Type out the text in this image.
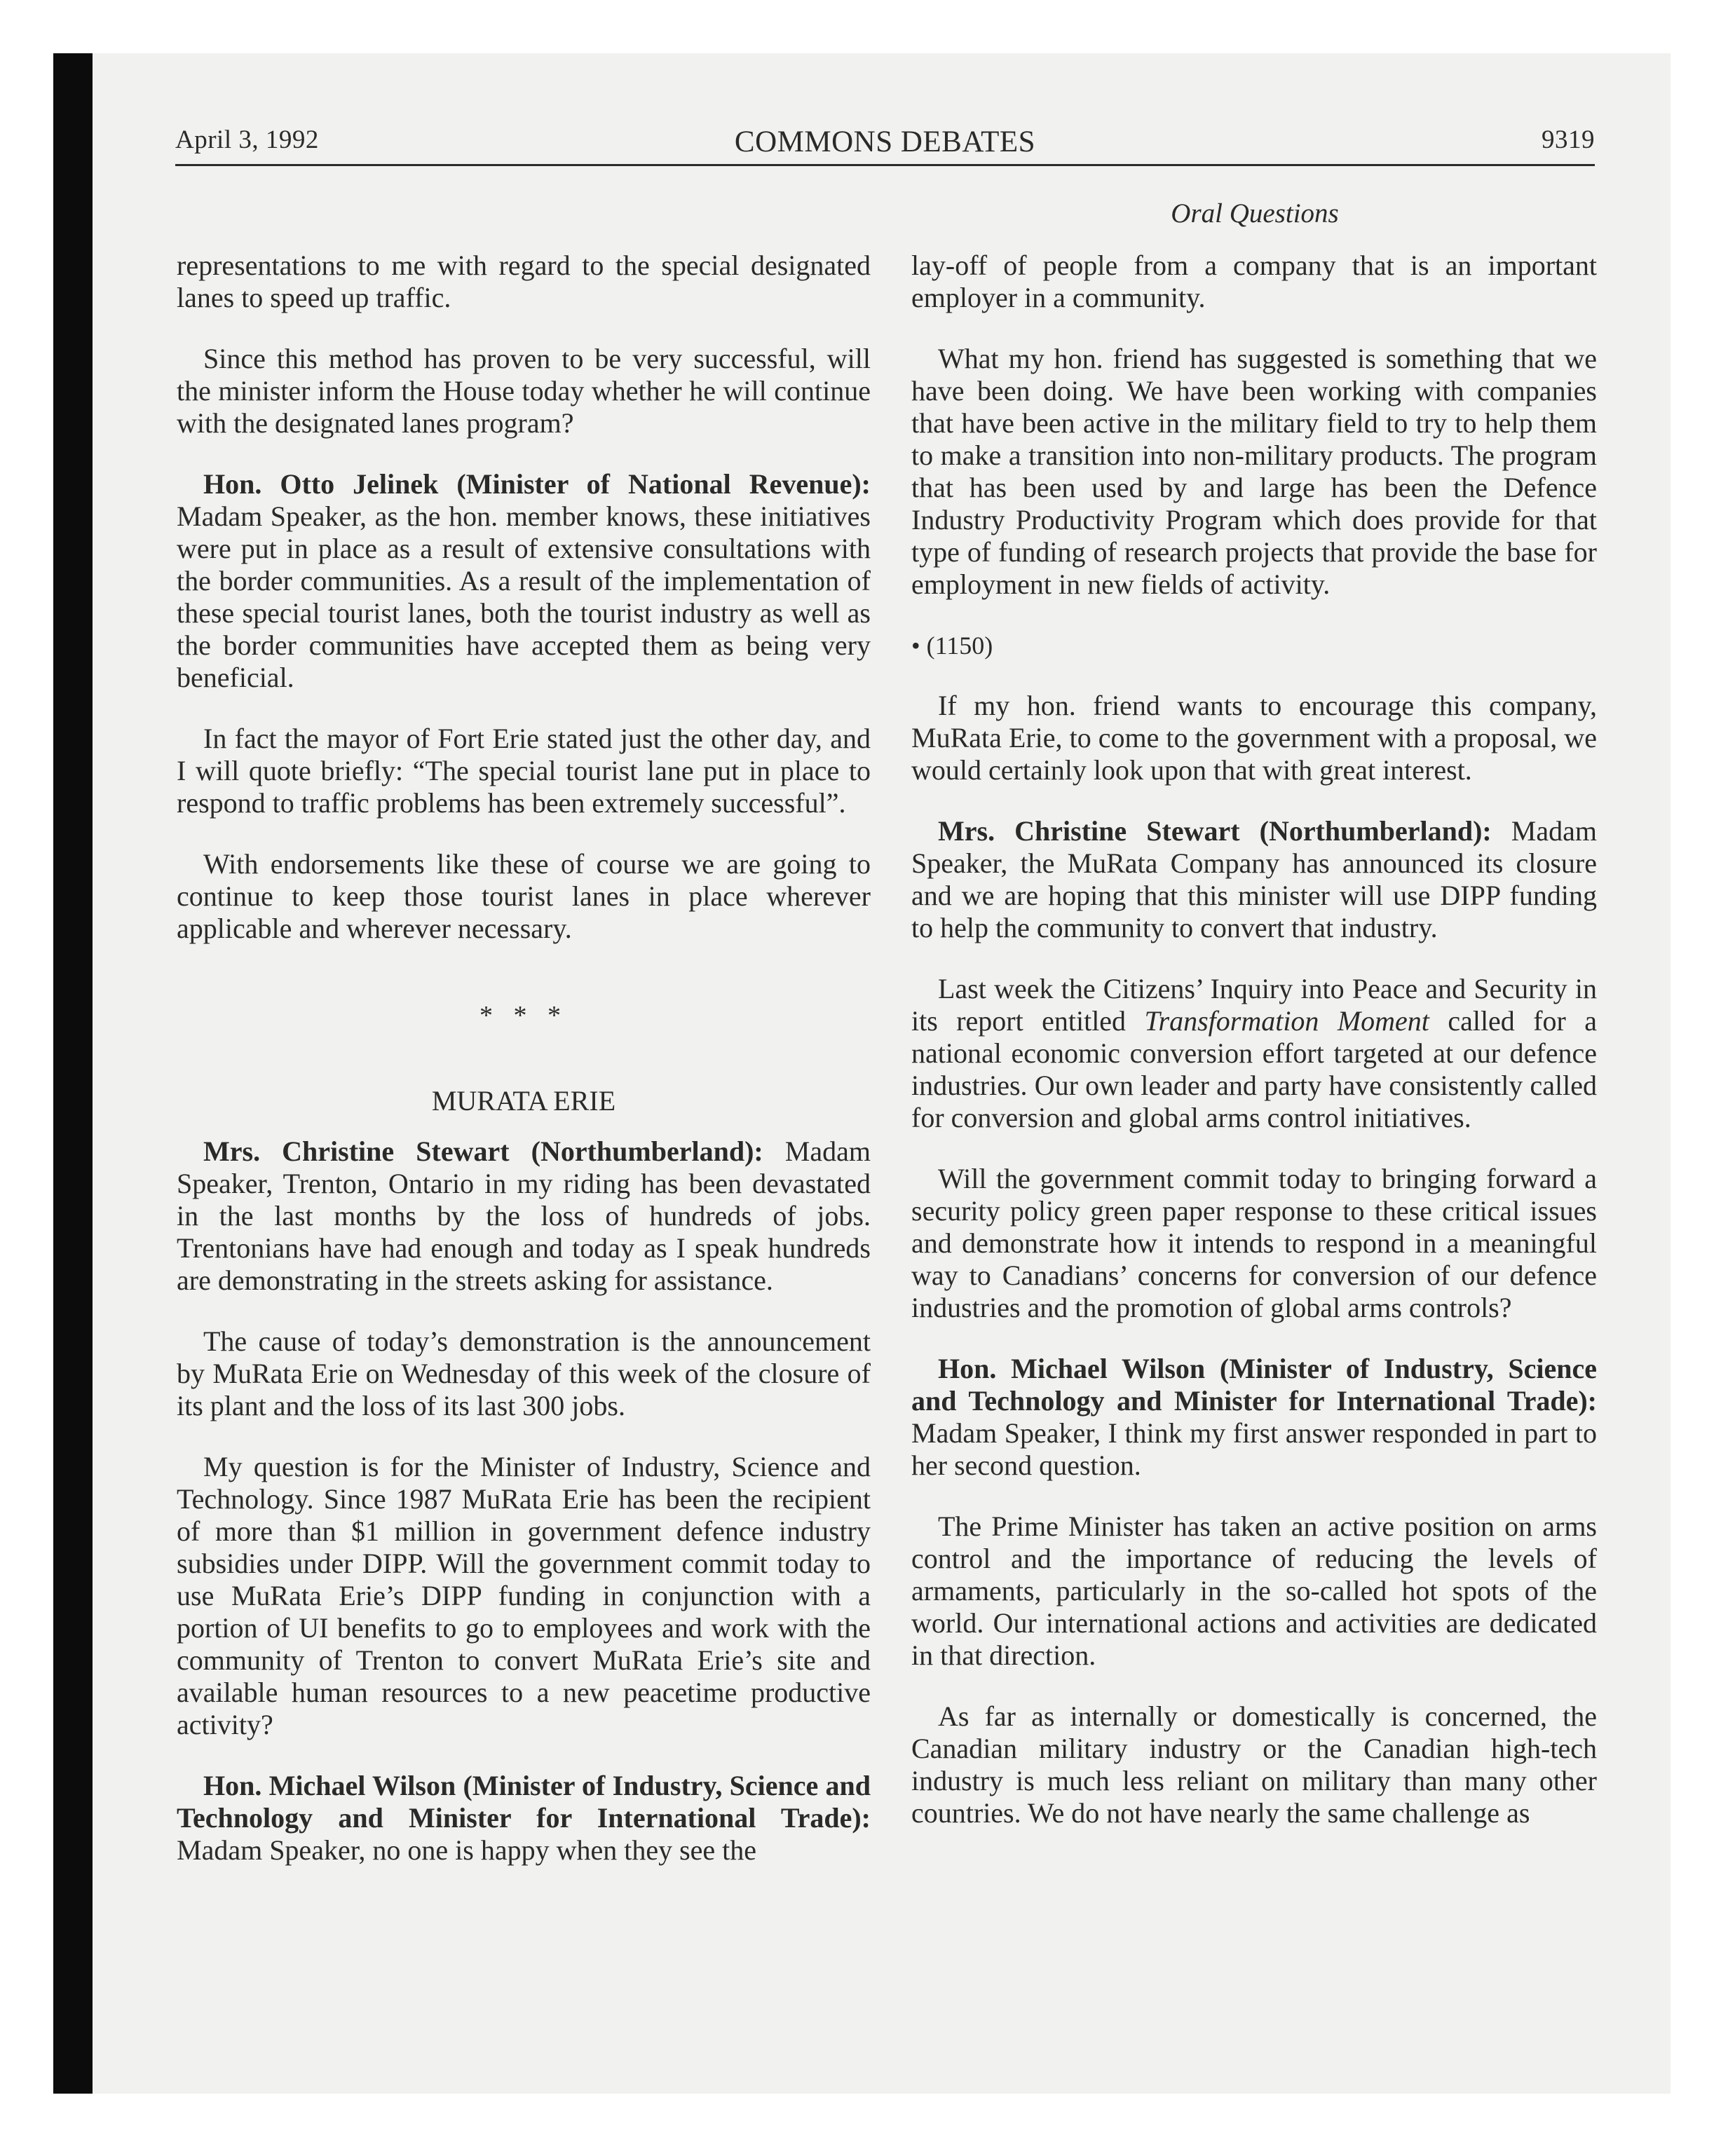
April 3, 1992	COMMONS DEBATES	9319
Oral Questions

representations to me with regard to the special designated lanes to speed up traffic.

Since this method has proven to be very successful, will the minister inform the House today whether he will continue with the designated lanes program?

Hon. Otto Jelinek (Minister of National Revenue): Madam Speaker, as the hon. member knows, these initiatives were put in place as a result of extensive consultations with the border communities. As a result of the implementation of these special tourist lanes, both the tourist industry as well as the border communities have accepted them as being very beneficial.

In fact the mayor of Fort Erie stated just the other day, and I will quote briefly: “The special tourist lane put in place to respond to traffic problems has been extremely successful”.

With endorsements like these of course we are going to continue to keep those tourist lanes in place wherever applicable and wherever necessary.

* * *
MURATA ERIE

Mrs. Christine Stewart (Northumberland): Madam Speaker, Trenton, Ontario in my riding has been devastated in the last months by the loss of hundreds of jobs. Trentonians have had enough and today as I speak hundreds are demonstrating in the streets asking for assistance.

The cause of today’s demonstration is the announcement by MuRata Erie on Wednesday of this week of the closure of its plant and the loss of its last 300 jobs.

My question is for the Minister of Industry, Science and Technology. Since 1987 MuRata Erie has been the recipient of more than $1 million in government defence industry subsidies under DIPP. Will the government commit today to use MuRata Erie’s DIPP funding in conjunction with a portion of UI benefits to go to employees and work with the community of Trenton to convert MuRata Erie’s site and available human resources to a new peacetime productive activity?

Hon. Michael Wilson (Minister of Industry, Science and Technology and Minister for International Trade): Madam Speaker, no one is happy when they see the

lay-off of people from a company that is an important employer in a community.

What my hon. friend has suggested is something that we have been doing. We have been working with companies that have been active in the military field to try to help them to make a transition into non-military products. The program that has been used by and large has been the Defence Industry Productivity Program which does provide for that type of funding of research projects that provide the base for employment in new fields of activity.

• (1150)

If my hon. friend wants to encourage this company, MuRata Erie, to come to the government with a proposal, we would certainly look upon that with great interest.

Mrs. Christine Stewart (Northumberland): Madam Speaker, the MuRata Company has announced its closure and we are hoping that this minister will use DIPP funding to help the community to convert that industry.

Last week the Citizens’ Inquiry into Peace and Security in its report entitled Transformation Moment called for a national economic conversion effort targeted at our defence industries. Our own leader and party have consistently called for conversion and global arms control initiatives.

Will the government commit today to bringing forward a security policy green paper response to these critical issues and demonstrate how it intends to respond in a meaningful way to Canadians’ concerns for conversion of our defence industries and the promotion of global arms controls?

Hon. Michael Wilson (Minister of Industry, Science and Technology and Minister for International Trade): Madam Speaker, I think my first answer responded in part to her second question.

The Prime Minister has taken an active position on arms control and the importance of reducing the levels of armaments, particularly in the so-called hot spots of the world. Our international actions and activities are dedicated in that direction.

As far as internally or domestically is concerned, the Canadian military industry or the Canadian high-tech industry is much less reliant on military than many other countries. We do not have nearly the same challenge as
